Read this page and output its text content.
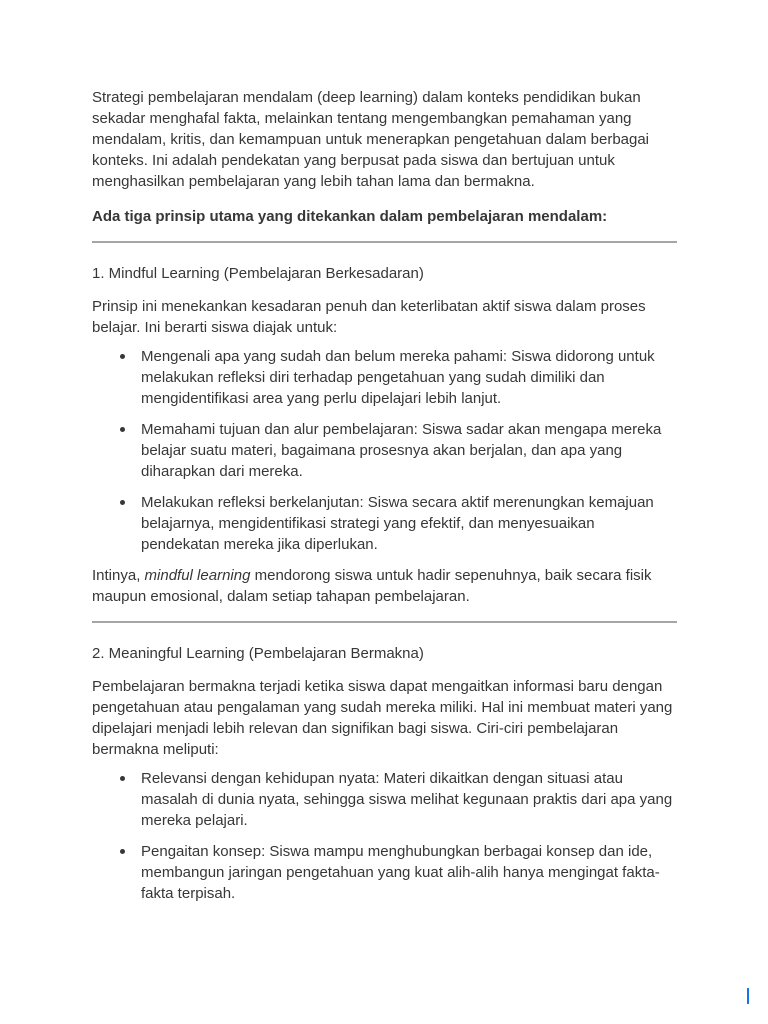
Strategi pembelajaran mendalam (deep learning) dalam konteks pendidikan bukan sekadar menghafal fakta, melainkan tentang mengembangkan pemahaman yang mendalam, kritis, dan kemampuan untuk menerapkan pengetahuan dalam berbagai konteks. Ini adalah pendekatan yang berpusat pada siswa dan bertujuan untuk menghasilkan pembelajaran yang lebih tahan lama dan bermakna.

Ada tiga prinsip utama yang ditekankan dalam pembelajaran mendalam:

1. Mindful Learning (Pembelajaran Berkesadaran)

Prinsip ini menekankan kesadaran penuh dan keterlibatan aktif siswa dalam proses belajar. Ini berarti siswa diajak untuk:

Mengenali apa yang sudah dan belum mereka pahami: Siswa didorong untuk melakukan refleksi diri terhadap pengetahuan yang sudah dimiliki dan mengidentifikasi area yang perlu dipelajari lebih lanjut.
Memahami tujuan dan alur pembelajaran: Siswa sadar akan mengapa mereka belajar suatu materi, bagaimana prosesnya akan berjalan, dan apa yang diharapkan dari mereka.
Melakukan refleksi berkelanjutan: Siswa secara aktif merenungkan kemajuan belajarnya, mengidentifikasi strategi yang efektif, dan menyesuaikan pendekatan mereka jika diperlukan.

Intinya, mindful learning mendorong siswa untuk hadir sepenuhnya, baik secara fisik maupun emosional, dalam setiap tahapan pembelajaran.

2. Meaningful Learning (Pembelajaran Bermakna)

Pembelajaran bermakna terjadi ketika siswa dapat mengaitkan informasi baru dengan pengetahuan atau pengalaman yang sudah mereka miliki. Hal ini membuat materi yang dipelajari menjadi lebih relevan dan signifikan bagi siswa. Ciri-ciri pembelajaran bermakna meliputi:

Relevansi dengan kehidupan nyata: Materi dikaitkan dengan situasi atau masalah di dunia nyata, sehingga siswa melihat kegunaan praktis dari apa yang mereka pelajari.
Pengaitan konsep: Siswa mampu menghubungkan berbagai konsep dan ide, membangun jaringan pengetahuan yang kuat alih-alih hanya mengingat fakta-fakta terpisah.
